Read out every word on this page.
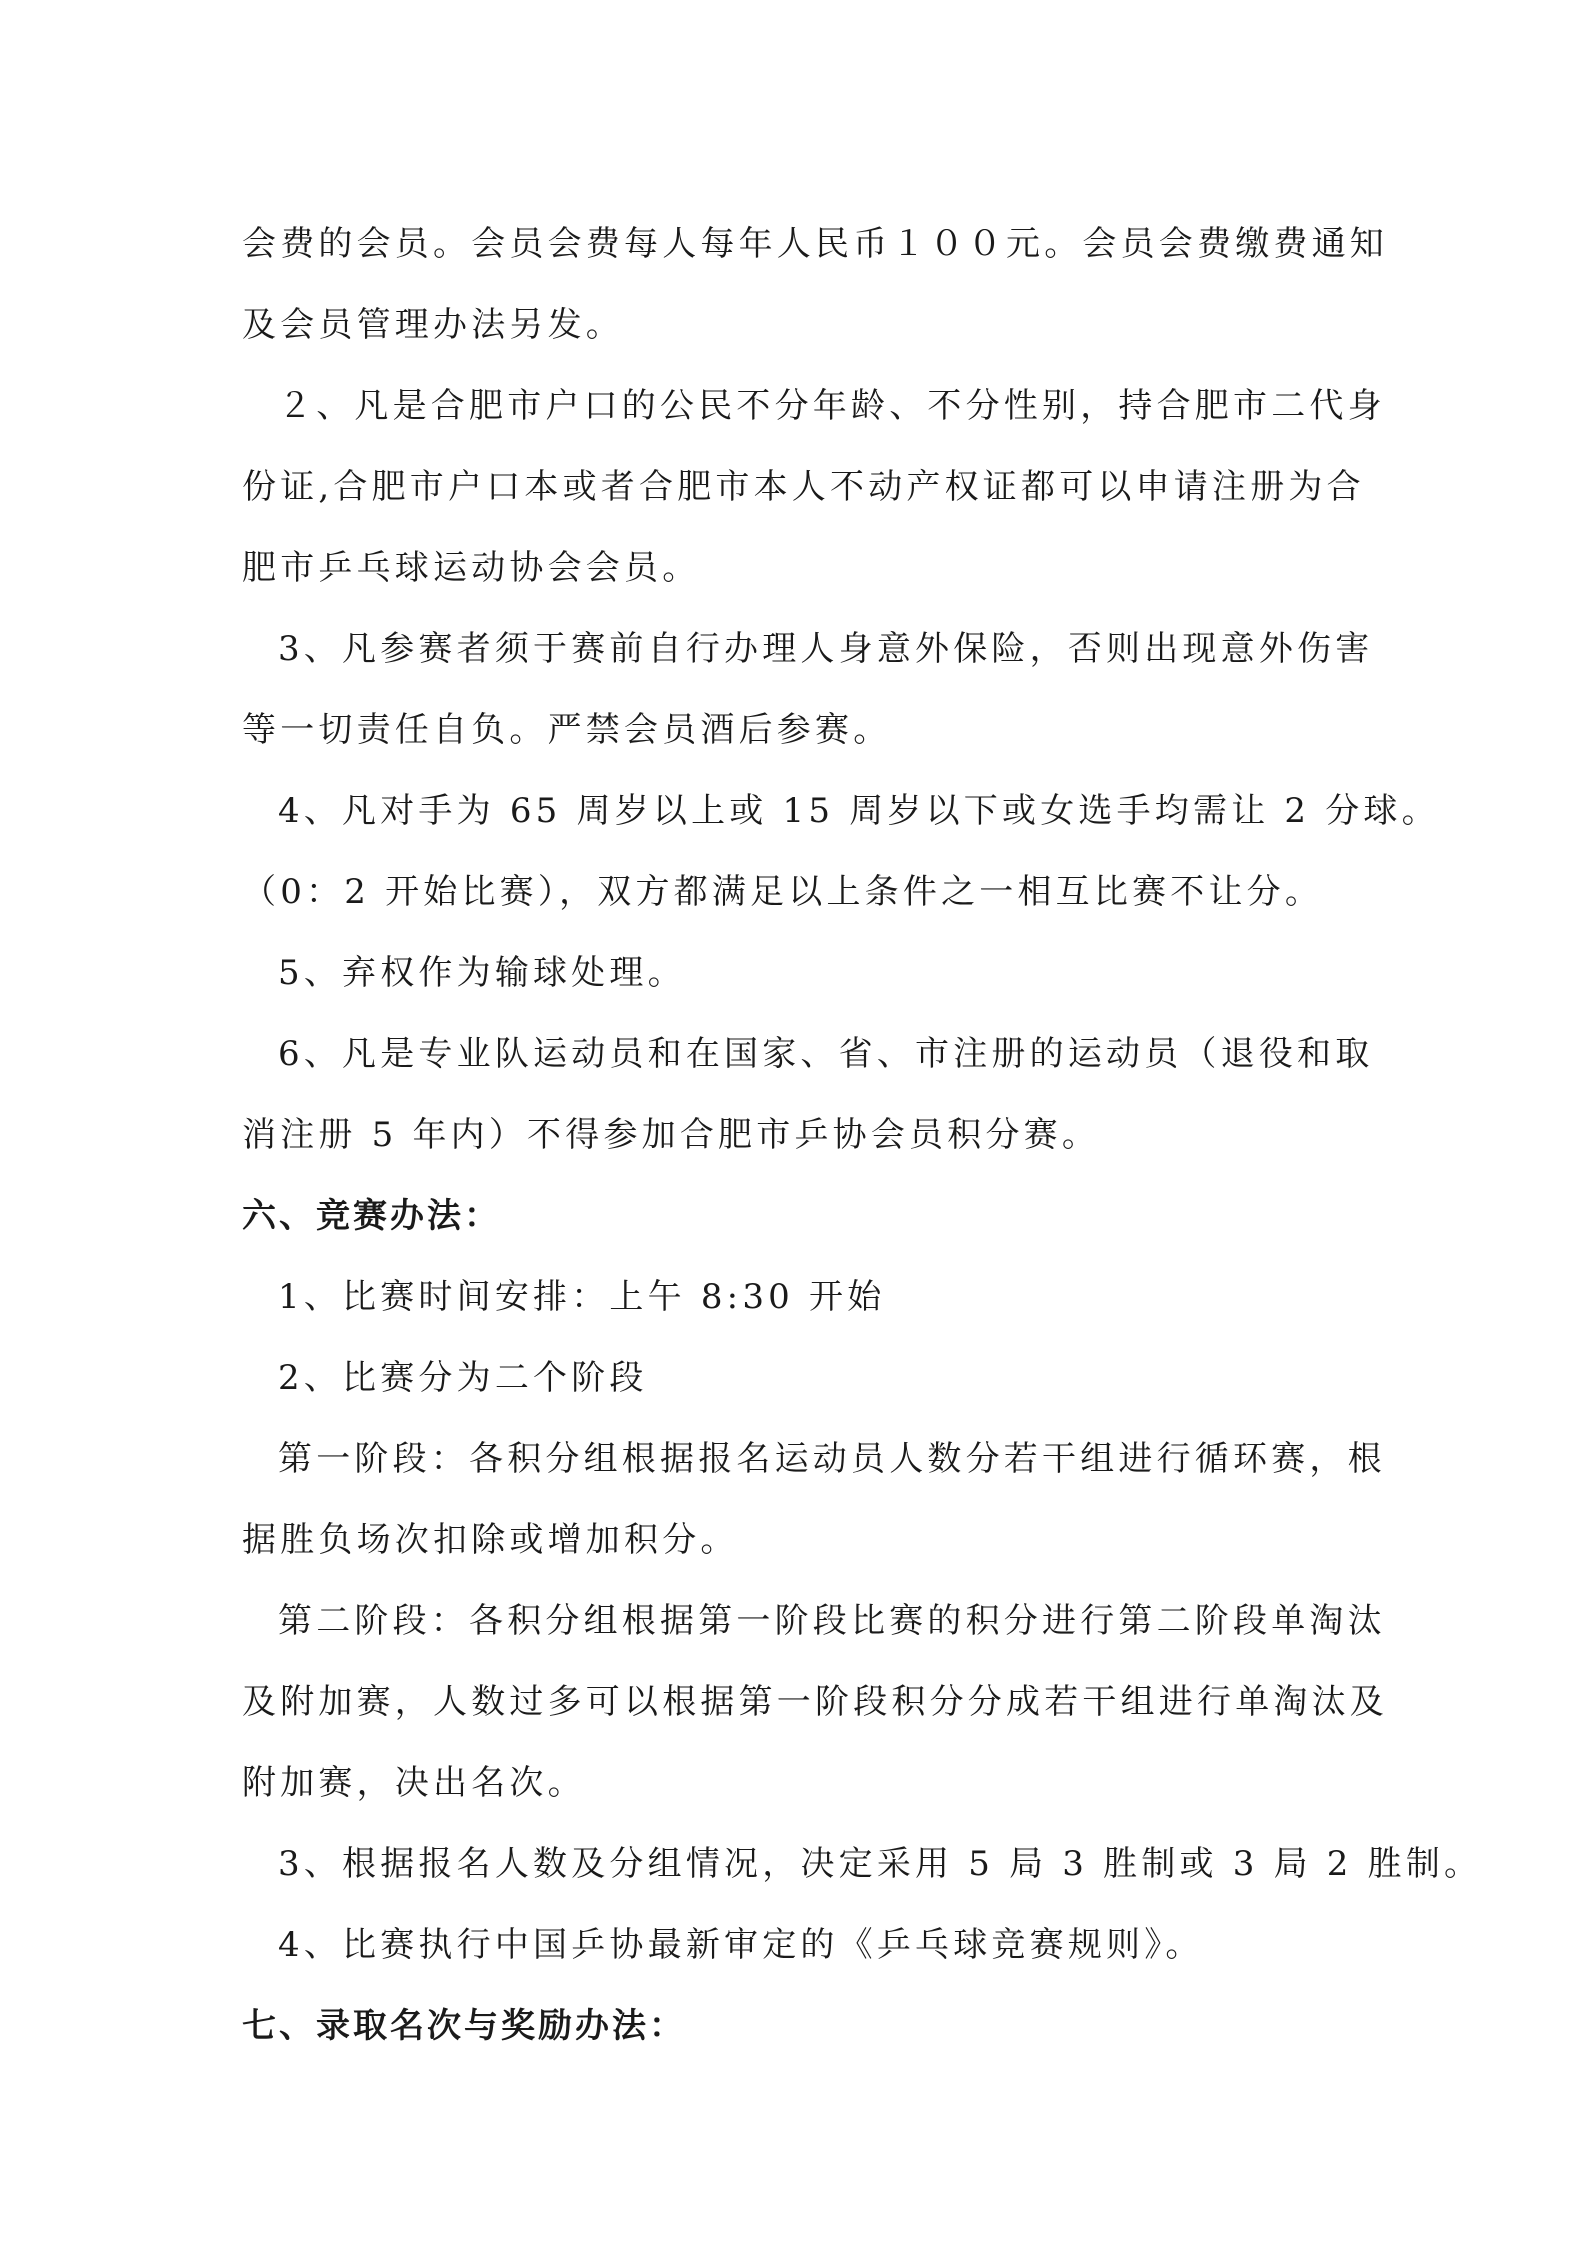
会费的会员。会员会费每人每年人民币１００元。会员会费缴费通知
及会员管理办法另发。
２、凡是合肥市户口的公民不分年龄、不分性别，持合肥市二代身
份证,合肥市户口本或者合肥市本人不动产权证都可以申请注册为合
肥市乒乓球运动协会会员。
3、凡参赛者须于赛前自行办理人身意外保险，否则出现意外伤害
等一切责任自负。严禁会员酒后参赛。
4、凡对手为 65 周岁以上或 15 周岁以下或女选手均需让 2 分球。
（0：2 开始比赛），双方都满足以上条件之一相互比赛不让分。
5、弃权作为输球处理。
6、凡是专业队运动员和在国家、省、市注册的运动员（退役和取
消注册 5 年内）不得参加合肥市乒协会员积分赛。
六、竞赛办法：
1、比赛时间安排：上午 8:30 开始
2、比赛分为二个阶段
第一阶段：各积分组根据报名运动员人数分若干组进行循环赛，根
据胜负场次扣除或增加积分。
第二阶段：各积分组根据第一阶段比赛的积分进行第二阶段单淘汰
及附加赛，人数过多可以根据第一阶段积分分成若干组进行单淘汰及
附加赛，决出名次。
3、根据报名人数及分组情况，决定采用 5 局 3 胜制或 3 局 2 胜制。
4、比赛执行中国乒协最新审定的《乒乓球竞赛规则》。
七、录取名次与奖励办法：
